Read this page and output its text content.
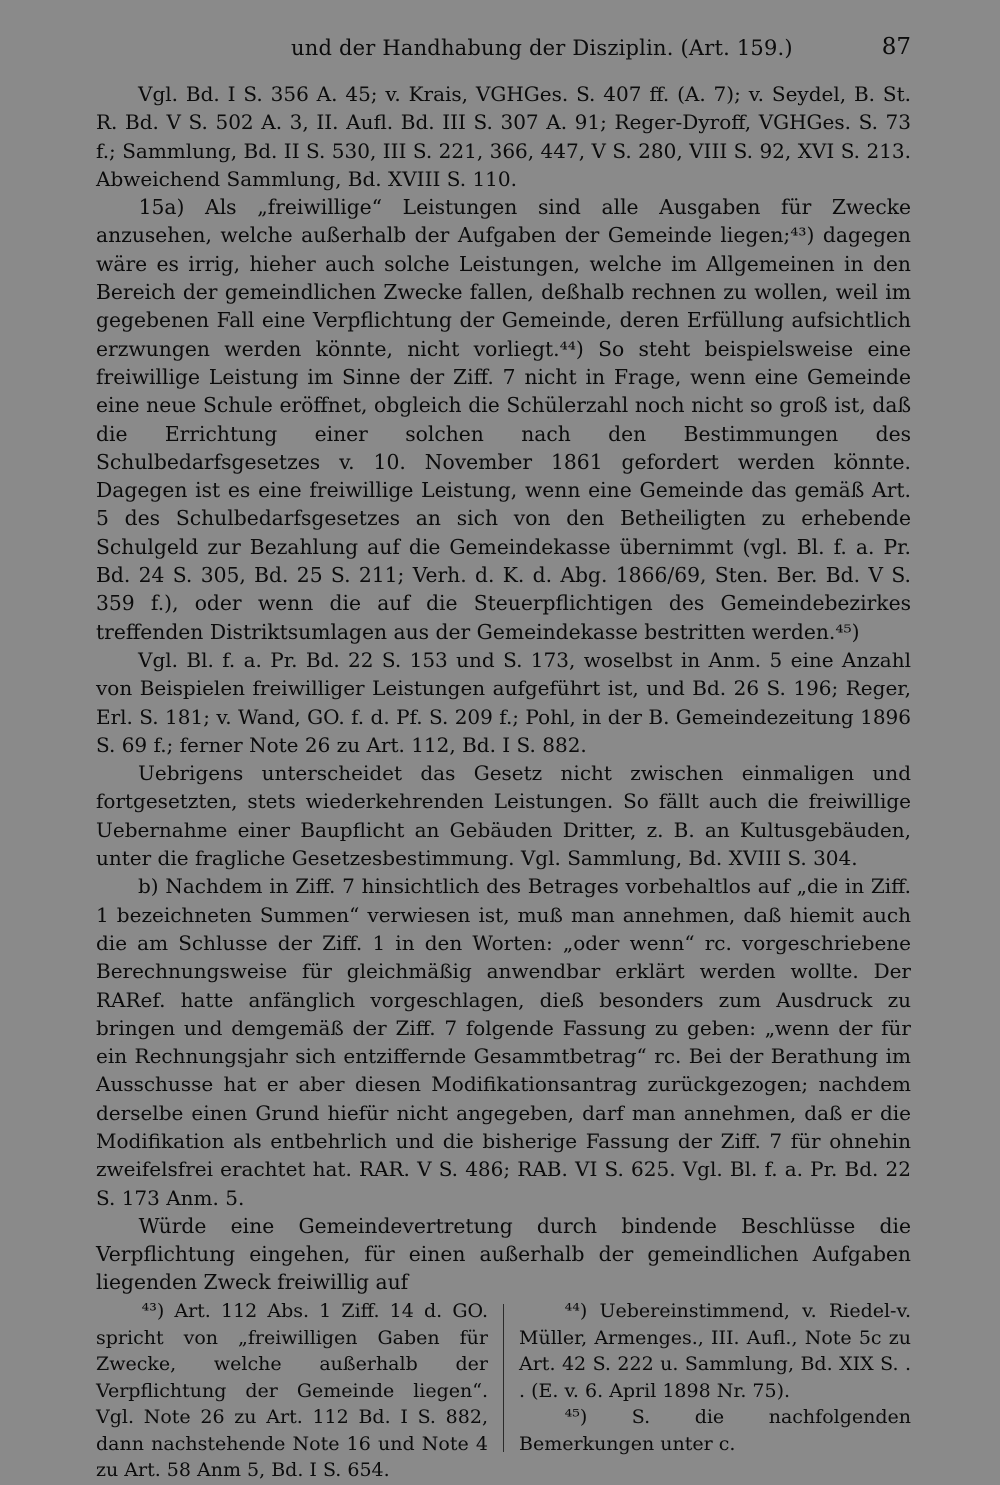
und der Handhabung der Disziplin. (Art. 159.)	87

Vgl. Bd. I S. 356 A. 45; v. Krais, VGHGes. S. 407 ff. (A. 7); v. Seydel, B. St. R. Bd. V S. 502 A. 3, II. Aufl. Bd. III S. 307 A. 91; Reger-Dyroff, VGHGes. S. 73 f.; Sammlung, Bd. II S. 530, III S. 221, 366, 447, V S. 280, VIII S. 92, XVI S. 213. Abweichend Sammlung, Bd. XVIII S. 110.

15a) Als „freiwillige“ Leistungen sind alle Ausgaben für Zwecke anzusehen, welche außerhalb der Aufgaben der Gemeinde liegen;⁴³) dagegen wäre es irrig, hieher auch solche Leistungen, welche im Allgemeinen in den Bereich der gemeindlichen Zwecke fallen, deßhalb rechnen zu wollen, weil im gegebenen Fall eine Verpflichtung der Gemeinde, deren Erfüllung aufsichtlich erzwungen werden könnte, nicht vorliegt.⁴⁴) So steht beispielsweise eine freiwillige Leistung im Sinne der Ziff. 7 nicht in Frage, wenn eine Gemeinde eine neue Schule eröffnet, obgleich die Schülerzahl noch nicht so groß ist, daß die Errichtung einer solchen nach den Bestimmungen des Schulbedarfsgesetzes v. 10. November 1861 gefordert werden könnte. Dagegen ist es eine freiwillige Leistung, wenn eine Gemeinde das gemäß Art. 5 des Schulbedarfsgesetzes an sich von den Betheiligten zu erhebende Schulgeld zur Bezahlung auf die Gemeindekasse übernimmt (vgl. Bl. f. a. Pr. Bd. 24 S. 305, Bd. 25 S. 211; Verh. d. K. d. Abg. 1866/69, Sten. Ber. Bd. V S. 359 f.), oder wenn die auf die Steuerpflichtigen des Gemeindebezirkes treffenden Distriktsumlagen aus der Gemeindekasse bestritten werden.⁴⁵)

Vgl. Bl. f. a. Pr. Bd. 22 S. 153 und S. 173, woselbst in Anm. 5 eine Anzahl von Beispielen freiwilliger Leistungen aufgeführt ist, und Bd. 26 S. 196; Reger, Erl. S. 181; v. Wand, GO. f. d. Pf. S. 209 f.; Pohl, in der B. Gemeindezeitung 1896 S. 69 f.; ferner Note 26 zu Art. 112, Bd. I S. 882.

Uebrigens unterscheidet das Gesetz nicht zwischen einmaligen und fortgesetzten, stets wiederkehrenden Leistungen. So fällt auch die freiwillige Uebernahme einer Baupflicht an Gebäuden Dritter, z. B. an Kultusgebäuden, unter die fragliche Gesetzesbestimmung. Vgl. Sammlung, Bd. XVIII S. 304.

b) Nachdem in Ziff. 7 hinsichtlich des Betrages vorbehaltlos auf „die in Ziff. 1 bezeichneten Summen“ verwiesen ist, muß man annehmen, daß hiemit auch die am Schlusse der Ziff. 1 in den Worten: „oder wenn“ rc. vorgeschriebene Berechnungsweise für gleichmäßig anwendbar erklärt werden wollte. Der RARef. hatte anfänglich vorgeschlagen, dieß besonders zum Ausdruck zu bringen und demgemäß der Ziff. 7 folgende Fassung zu geben: „wenn der für ein Rechnungsjahr sich entziffernde Gesammtbetrag“ rc. Bei der Berathung im Ausschusse hat er aber diesen Modifikationsantrag zurückgezogen; nachdem derselbe einen Grund hiefür nicht angegeben, darf man annehmen, daß er die Modifikation als entbehrlich und die bisherige Fassung der Ziff. 7 für ohnehin zweifelsfrei erachtet hat. RAR. V S. 486; RAB. VI S. 625. Vgl. Bl. f. a. Pr. Bd. 22 S. 173 Anm. 5.

Würde eine Gemeindevertretung durch bindende Beschlüsse die Verpflichtung eingehen, für einen außerhalb der gemeindlichen Aufgaben liegenden Zweck freiwillig auf

⁴³) Art. 112 Abs. 1 Ziff. 14 d. GO. spricht von „freiwilligen Gaben für Zwecke, welche außerhalb der Verpflichtung der Gemeinde liegen“. Vgl. Note 26 zu Art. 112 Bd. I S. 882, dann nachstehende Note 16 und Note 4 zu Art. 58 Anm 5, Bd. I S. 654.

⁴⁴) Uebereinstimmend, v. Riedel-v. Müller, Armenges., III. Aufl., Note 5c zu Art. 42 S. 222 u. Sammlung, Bd. XIX S. . . (E. v. 6. April 1898 Nr. 75).

⁴⁵) S. die nachfolgenden Bemerkungen unter c.
